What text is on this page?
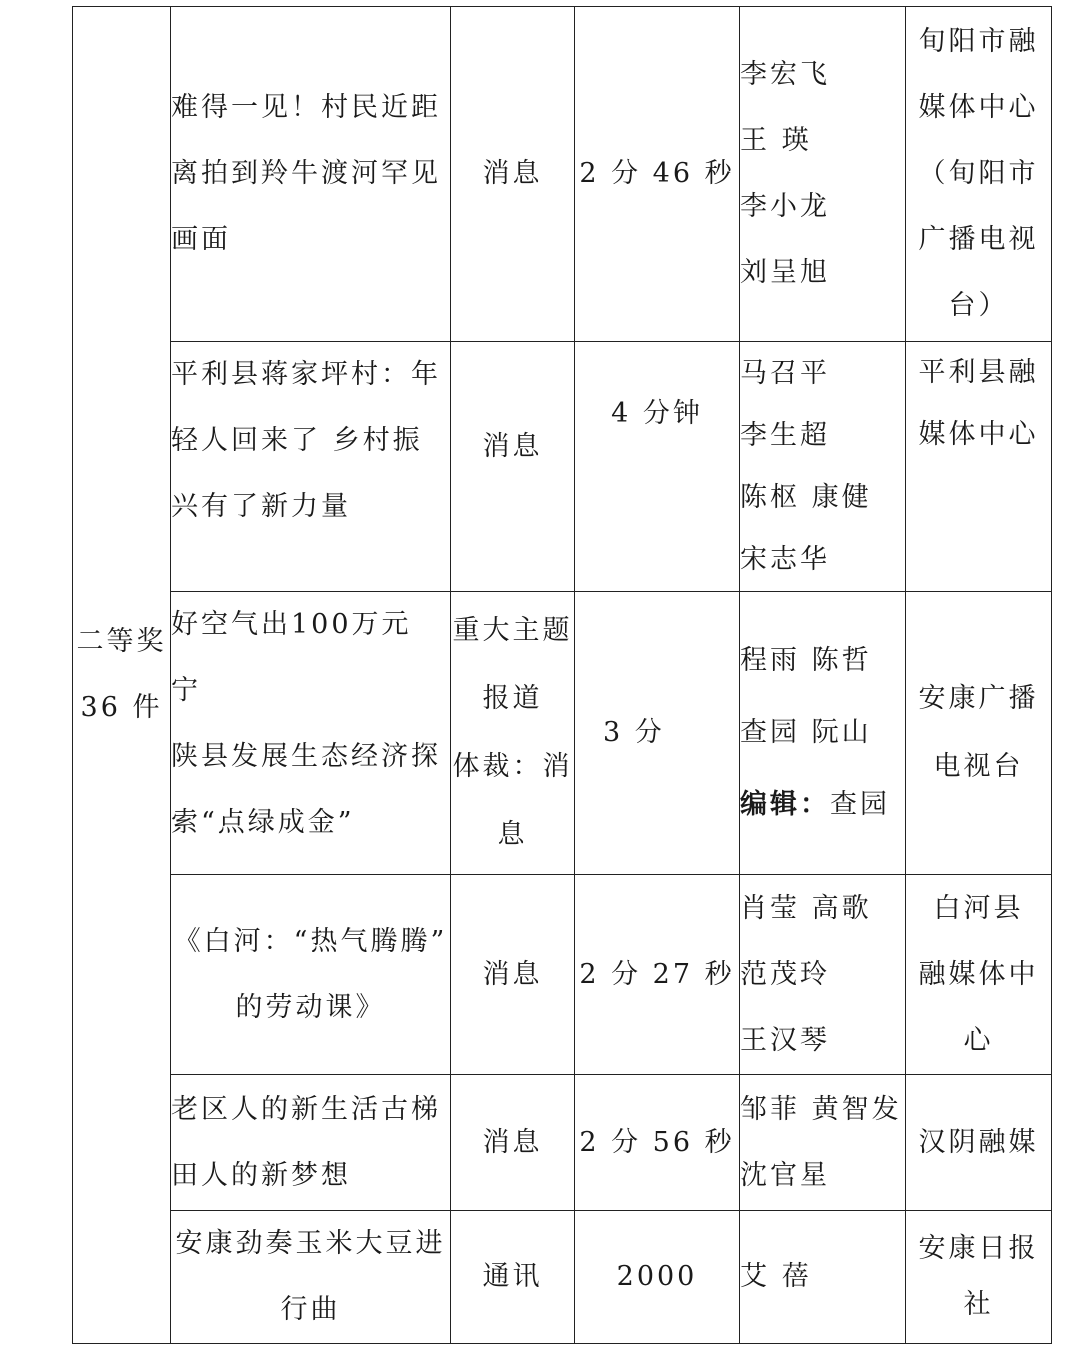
二等奖
36 件	难得一见！村民近距
离拍到羚牛渡河罕见
画面	消息	2 分 46 秒	李宏飞
王 瑛
李小龙
刘呈旭	旬阳市融
媒体中心
（旬阳市
广播电视
台）

	平利县蒋家坪村：年
轻人回来了 乡村振
兴有了新力量	消息	4 分钟	马召平
李生超
陈枢 康健
宋志华	平利县融
媒体中心

	好空气出100万元 宁
陕县发展生态经济探
索“点绿成金”	重大主题
报道
体裁：消
息	3 分	程雨 陈哲
查园 阮山
编辑：查园	安康广播
电视台

	《白河：“热气腾腾”
的劳动课》	消息	2 分 27 秒	肖莹 高歌
范茂玲
王汉琴	白河县
融媒体中
心

	老区人的新生活古梯
田人的新梦想	消息	2 分 56 秒	邹菲 黄智发
沈官星	汉阴融媒

	安康劲奏玉米大豆进
行曲	通讯	2000	艾 蓓	安康日报
社
